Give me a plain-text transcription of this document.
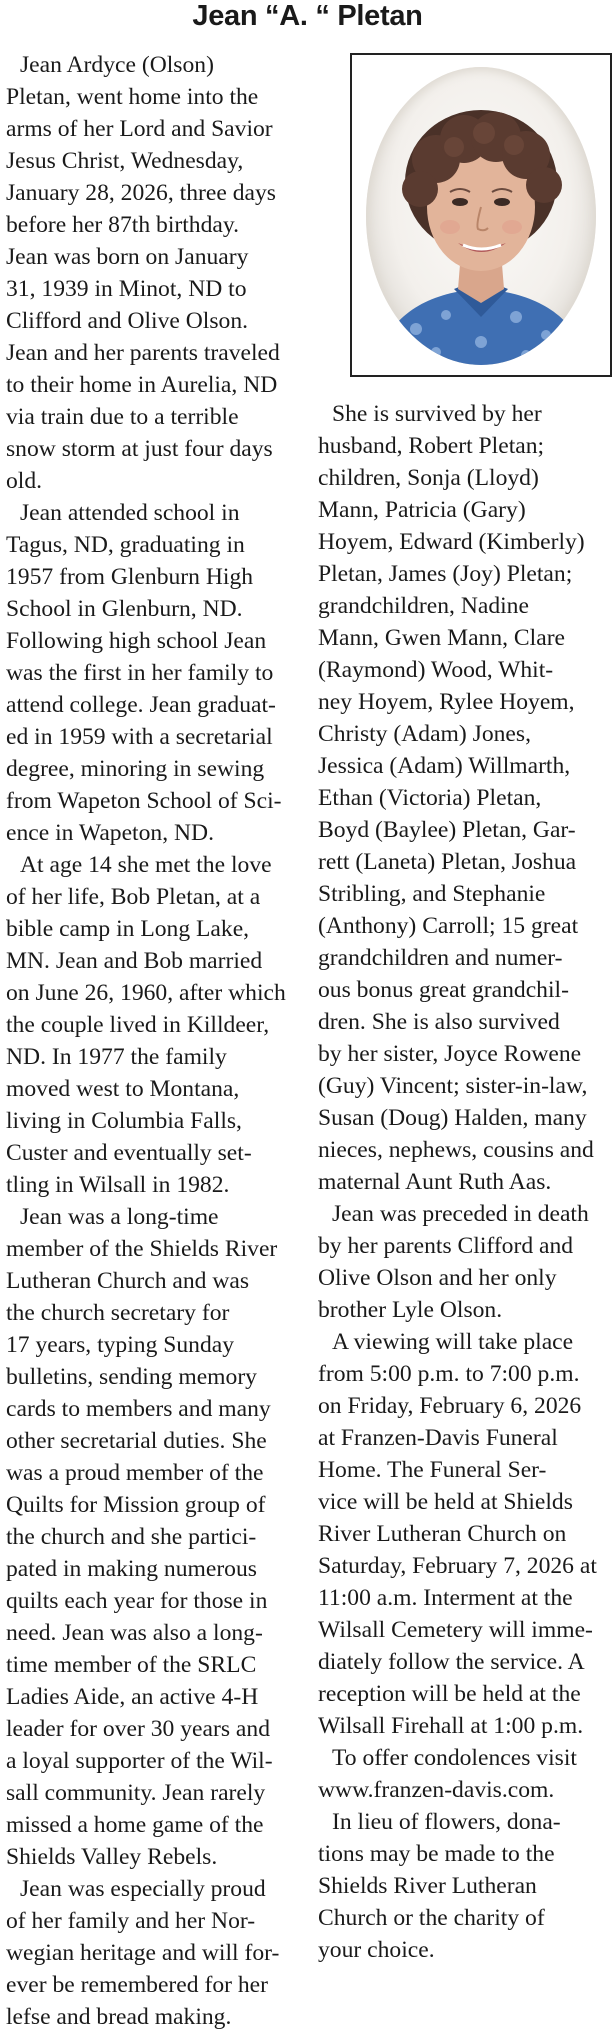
Jean “A. “ Pletan

Jean Ardyce (Olson)
Pletan, went home into the
arms of her Lord and Savior
Jesus Christ, Wednesday,
January 28, 2026, three days
before her 87th birthday.
Jean was born on January
31, 1939 in Minot, ND to
Clifford and Olive Olson.
Jean and her parents traveled
to their home in Aurelia, ND
via train due to a terrible
snow storm at just four days
old.

Jean attended school in
Tagus, ND, graduating in
1957 from Glenburn High
School in Glenburn, ND.
Following high school Jean
was the first in her family to
attend college. Jean graduat-
ed in 1959 with a secretarial
degree, minoring in sewing
from Wapeton School of Sci-
ence in Wapeton, ND.

At age 14 she met the love
of her life, Bob Pletan, at a
bible camp in Long Lake,
MN. Jean and Bob married
on June 26, 1960, after which
the couple lived in Killdeer,
ND. In 1977 the family
moved west to Montana,
living in Columbia Falls,
Custer and eventually set-
tling in Wilsall in 1982.

Jean was a long-time
member of the Shields River
Lutheran Church and was
the church secretary for
17 years, typing Sunday
bulletins, sending memory
cards to members and many
other secretarial duties. She
was a proud member of the
Quilts for Mission group of
the church and she partici-
pated in making numerous
quilts each year for those in
need. Jean was also a long-
time member of the SRLC
Ladies Aide, an active 4-H
leader for over 30 years and
a loyal supporter of the Wil-
sall community. Jean rarely
missed a home game of the
Shields Valley Rebels.

Jean was especially proud
of her family and her Nor-
wegian heritage and will for-
ever be remembered for her
lefse and bread making.

She is survived by her
husband, Robert Pletan;
children, Sonja (Lloyd)
Mann, Patricia (Gary)
Hoyem, Edward (Kimberly)
Pletan, James (Joy) Pletan;
grandchildren, Nadine
Mann, Gwen Mann, Clare
(Raymond) Wood, Whit-
ney Hoyem, Rylee Hoyem,
Christy (Adam) Jones,
Jessica (Adam) Willmarth,
Ethan (Victoria) Pletan,
Boyd (Baylee) Pletan, Gar-
rett (Laneta) Pletan, Joshua
Stribling, and Stephanie
(Anthony) Carroll; 15 great
grandchildren and numer-
ous bonus great grandchil-
dren. She is also survived
by her sister, Joyce Rowene
(Guy) Vincent; sister-in-law,
Susan (Doug) Halden, many
nieces, nephews, cousins and
maternal Aunt Ruth Aas.

Jean was preceded in death
by her parents Clifford and
Olive Olson and her only
brother Lyle Olson.

A viewing will take place
from 5:00 p.m. to 7:00 p.m.
on Friday, February 6, 2026
at Franzen-Davis Funeral
Home. The Funeral Ser-
vice will be held at Shields
River Lutheran Church on
Saturday, February 7, 2026 at
11:00 a.m. Interment at the
Wilsall Cemetery will imme-
diately follow the service. A
reception will be held at the
Wilsall Firehall at 1:00 p.m.

To offer condolences visit
www.franzen-davis.com.

In lieu of flowers, dona-
tions may be made to the
Shields River Lutheran
Church or the charity of
your choice.
